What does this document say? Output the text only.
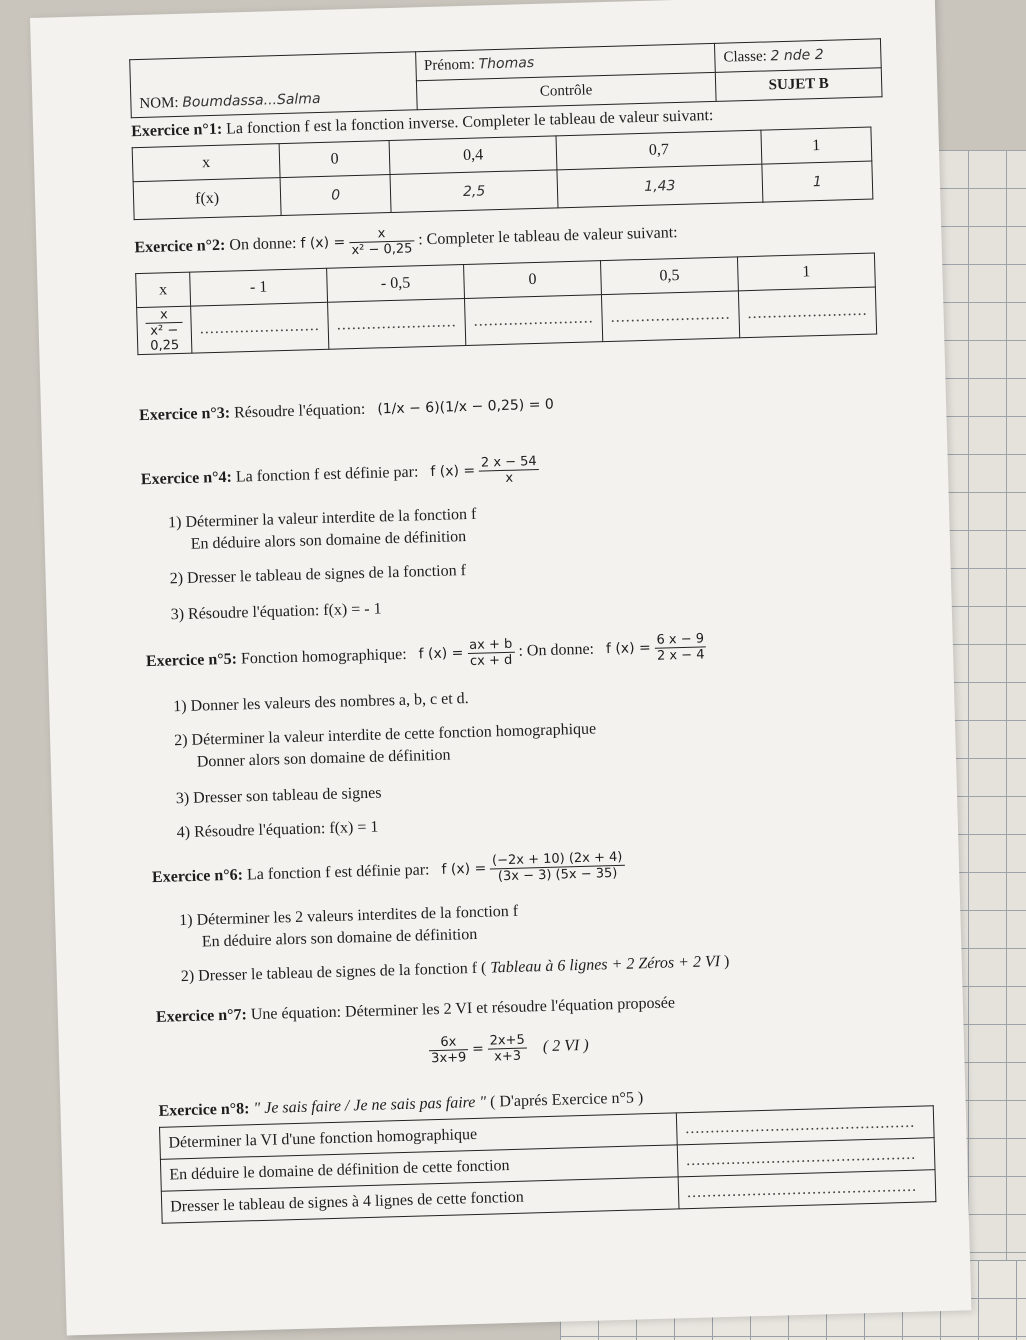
NOM: Boumdassa...Salma	Prénom: Thomas	Classe: 2 nde 2
	Contrôle	SUJET B
Exercice n°1: La fonction f est la fonction inverse. Completer le tableau de valeur suivant:
x	0	0,4	0,7	1
f(x)	0	2,5	1,43	1
Exercice n°2: On donne: f $(x) = \frac{x}{\text{x² − 0,25}}$ : Completer le tableau de valeur suivant:
x	- 1	- 0,5	0	0,5	1

$\frac{x}{\text{x² − 0,25}}$	........................	........................	........................	........................	........................
Exercice n°3: Résoudre l'équation: (1/x − 6)(1/x − 0,25) = 0
Exercice n°4: La fonction f est définie par: f $(x) = \frac{2 x - 54}{x}$
1) Déterminer la valeur interdite de la fonction f
En déduire alors son domaine de définition
2) Dresser le tableau de signes de la fonction f
3) Résoudre l'équation: f(x) = - 1
Exercice n°5: Fonction homographique: f $(x) = \frac{ax + b}{cx + d}$ : On donne: f $(x) = \frac{6 x - 9}{2 x - 4}$
1) Donner les valeurs des nombres a, b, c et d.
2) Déterminer la valeur interdite de cette fonction homographique
Donner alors son domaine de définition
3) Dresser son tableau de signes
4) Résoudre l'équation: f(x) = 1
Exercice n°6: La fonction f est définie par: f $(x) = \frac{(-2x + 10) (2x + 4)}{(3x - 3) (5x - 35)}$
1) Déterminer les 2 valeurs interdites de la fonction f
En déduire alors son domaine de définition
2) Dresser le tableau de signes de la fonction f ( Tableau à 6 lignes + 2 Zéros + 2 VI )
Exercice n°7: Une équation: Déterminer les 2 VI et résoudre l'équation proposée
$\frac{6x}{3x+9} = \frac{2x+5}{x+3}$ ( 2 VI )
Exercice n°8: " Je sais faire / Je ne sais pas faire " ( D'aprés Exercice n°5 )
Déterminer la VI d'une fonction homographique	..............................................
En déduire le domaine de définition de cette fonction	..............................................
Dresser le tableau de signes à 4 lignes de cette fonction	..............................................
